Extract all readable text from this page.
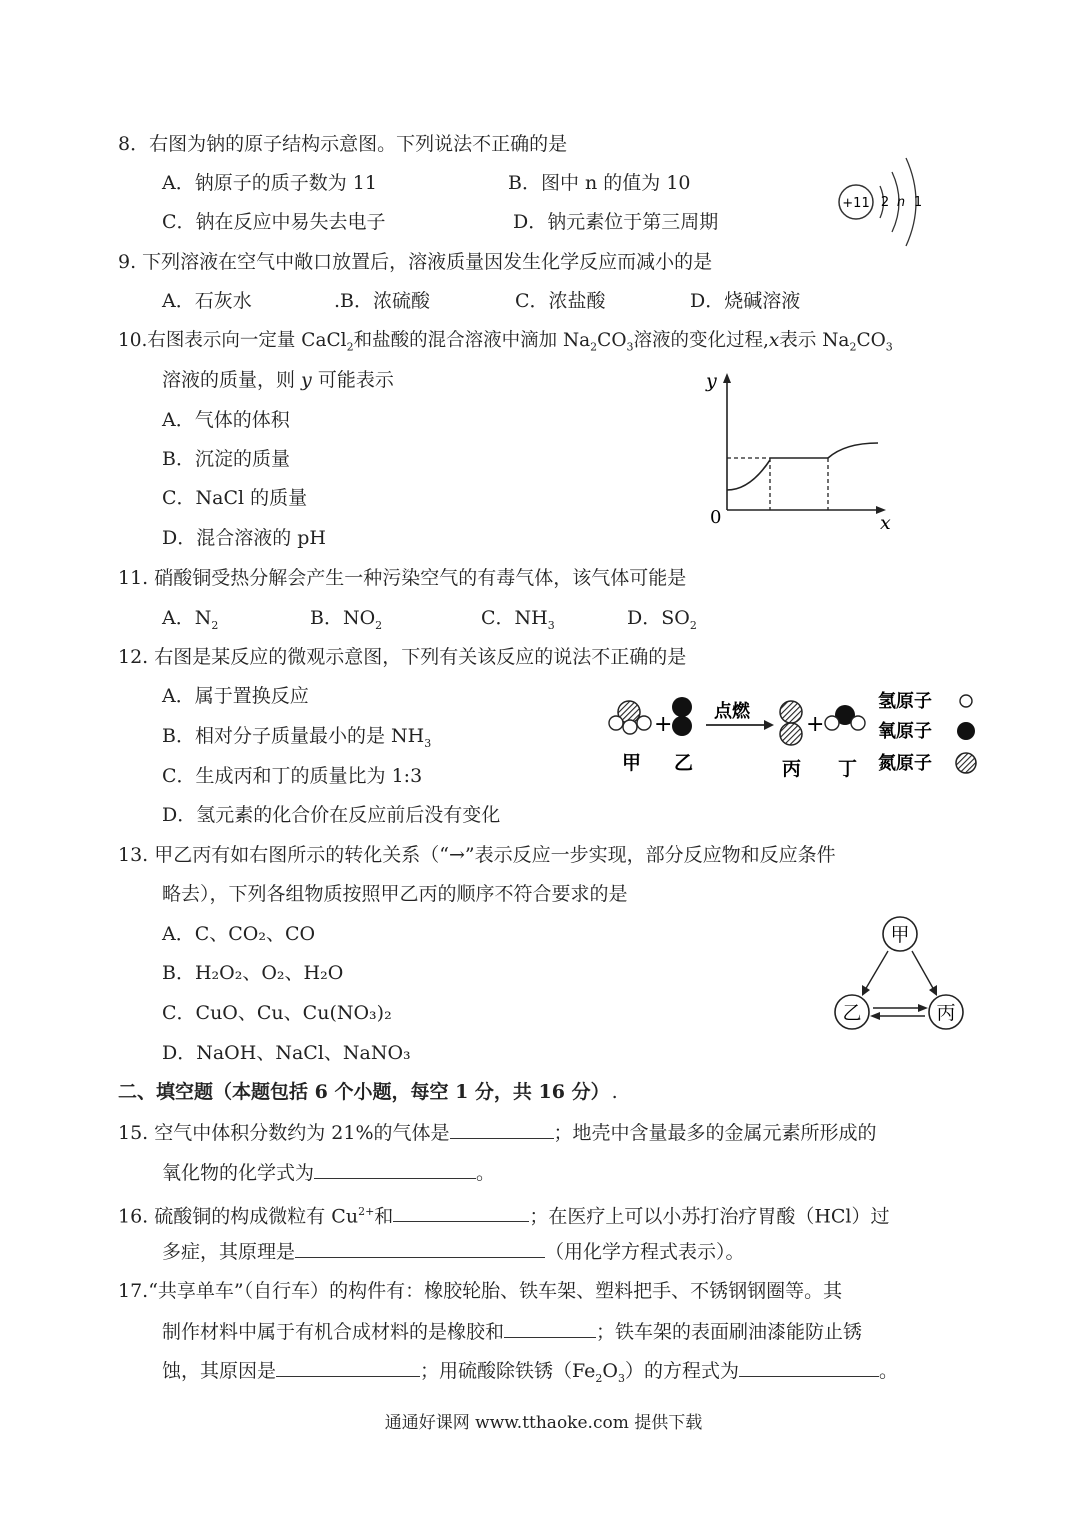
8．右图为钠的原子结构示意图。下列说法不正确的是
A．钠原子的质子数为 11	B．图中 n 的值为 10
C．钠在反应中易失去电子	D．钠元素位于第三周期
+11 2 n 1
9. 下列溶液在空气中敞口放置后，溶液质量因发生化学反应而减小的是
A．石灰水	.B．浓硫酸	C．浓盐酸	D．烧碱溶液
10.右图表示向一定量 CaCl$_2$和盐酸的混合溶液中滴加 $Na_2CO_3$溶液的变化过程,x表示 $Na_2CO_3$
溶液的质量，则 y 可能表示
A．气体的体积
B．沉淀的质量
C．NaCl 的质量
D．混合溶液的 pH
y
x
0
11. 硝酸铜受热分解会产生一种污染空气的有毒气体，该气体可能是
A．$N_2$	B．$NO_2$	C．$NH_3$	D．$SO_2$
12. 右图是某反应的微观示意图，下列有关该反应的说法不正确的是
A．属于置换反应
B．相对分子质量最小的是 $NH_3$
C．生成丙和丁的质量比为 1:3
D．氢元素的化合价在反应前后没有变化
+
点燃
+
甲 乙	丙 丁
氢原子
氧原子
氮原子
13. 甲乙丙有如右图所示的转化关系（“→”表示反应一步实现，部分反应物和反应条件
略去），下列各组物质按照甲乙丙的顺序不符合要求的是
A．C、CO₂、CO
B．H₂O₂、O₂、H₂O
C．CuO、Cu、Cu(NO₃)₂
D．NaOH、NaCl、NaNO₃
甲
乙	丙
二、填空题（本题包括 6 个小题，每空 1 分，共 16 分） .
15. 空气中体积分数约为 21%的气体是	；地壳中含量最多的金属元素所形成的
氧化物的化学式为	。
16. 硫酸铜的构成微粒有 $Cu^{2+}$和	；在医疗上可以小苏打治疗胃酸（HCl）过
多症，其原理是	（用化学方程式表示）。
17.“共享单车”（自行车）的构件有：橡胶轮胎、铁车架、塑料把手、不锈钢钢圈等。其
制作材料中属于有机合成材料的是橡胶和	；铁车架的表面刷油漆能防止锈
蚀，其原因是	；用硫酸除铁锈$(Fe_2O_3)$的方程式为	。
通通好课网 www.tthaoke.com 提供下载
